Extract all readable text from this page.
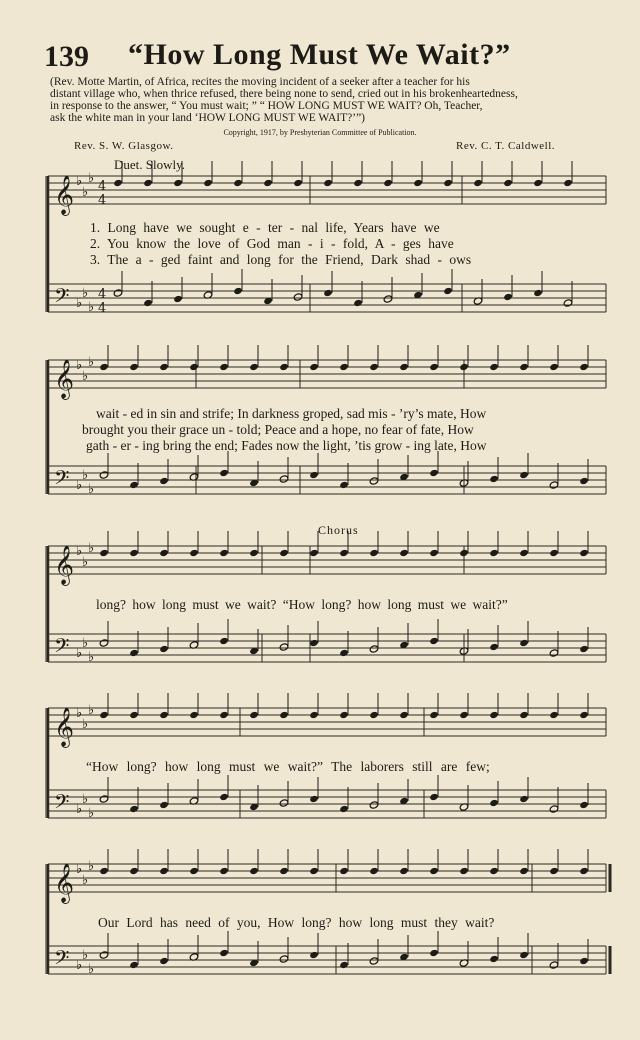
139 “How Long Must We Wait?”
(Rev. Motte Martin, of Africa, recites the moving incident of a seeker after a teacher for his
distant village who, when thrice refused, there being none to send, cried out in his brokenheartedness,
in response to the answer, “ You must wait; ” “ HOW LONG MUST WE WAIT? Oh, Teacher,
ask the white man in your land ‘HOW LONG MUST WE WAIT?’”)
Copyright, 1917, by Presbyterian Committee of Publication.
Rev. S. W. Glasgow.	Rev. C. T. Caldwell.
𝄞
𝄢
♭
♭
♭
♭
♭
♭
4
4
4
4
𝄞
𝄢
♭
♭
♭
♭
♭
♭
𝄞
𝄢
♭
♭
♭
♭
♭
♭
𝄞
𝄢
♭
♭
♭
♭
♭
♭
𝄞
𝄢
♭
♭
♭
♭
♭
♭
Duet. Slowly.
Chorus
1. Long have we sought e - ter - nal life, Years have we
2. You know the love of God man - i - fold, A - ges have
3. The a - ged faint and long for the Friend, Dark shad - ows
wait - ed in sin and strife; In darkness groped, sad mis - ’ry’s mate, How
brought you their grace un - told; Peace and a hope, no fear of fate, How
gath - er - ing bring the end; Fades now the light, ’tis grow - ing late, How
long? how long must we wait? “How long? how long must we wait?”
“How long? how long must we wait?” The laborers still are few;
Our Lord has need of you, How long? how long must they wait?
